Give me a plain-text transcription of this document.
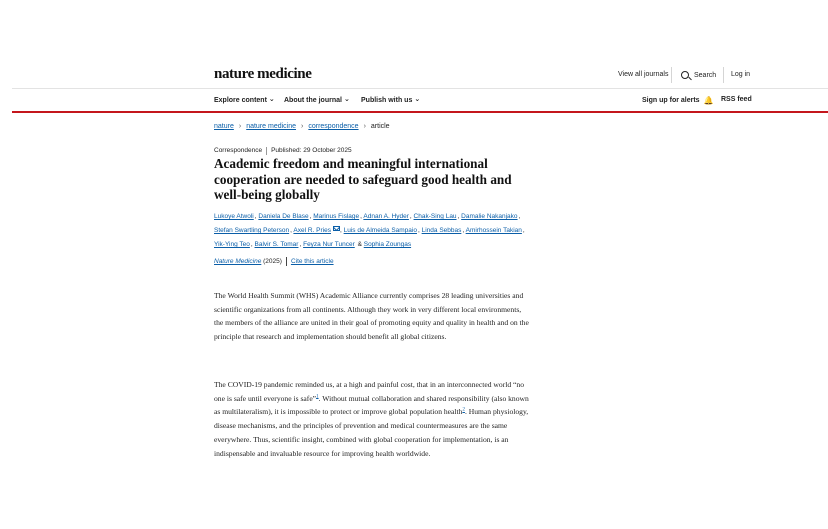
nature medicine	View all journals	Search Log in
Explore content ⌄ About the journal ⌄ Publish with us ⌄	Sign up for alerts 🔔 RSS feed
nature › nature medicine › correspondence › article
Correspondence Published: 29 October 2025
Academic freedom and meaningful international cooperation are needed to safeguard good health and well-being globally
Lukoye Atwoli, Daniela De Blase, Marinus Fislage, Adnan A. Hyder, Chak-Sing Lau, Damalie Nakanjako,
Stefan Swartling Peterson, Axel R. Pries , Luis de Almeida Sampaio, Linda Sebbas, Amirhossein Takian,
Yik-Ying Teo, Balvir S. Tomar, Feyza Nur Tuncer & Sophia Zoungas
Nature Medicine (2025) Cite this article

The World Health Summit (WHS) Academic Alliance currently comprises 28 leading universities and scientific organizations from all continents. Although they work in very different local environments, the members of the alliance are united in their goal of promoting equity and quality in health and on the principle that research and implementation should benefit all global citizens.

The COVID-19 pandemic reminded us, at a high and painful cost, that in an interconnected world “no one is safe until everyone is safe”$^1$. Without mutual collaboration and shared responsibility (also known as multilateralism), it is impossible to protect or improve global population health$^2$. Human physiology, disease mechanisms, and the principles of prevention and medical countermeasures are the same everywhere. Thus, scientific insight, combined with global cooperation for implementation, is an indispensable and invaluable resource for improving health worldwide.
